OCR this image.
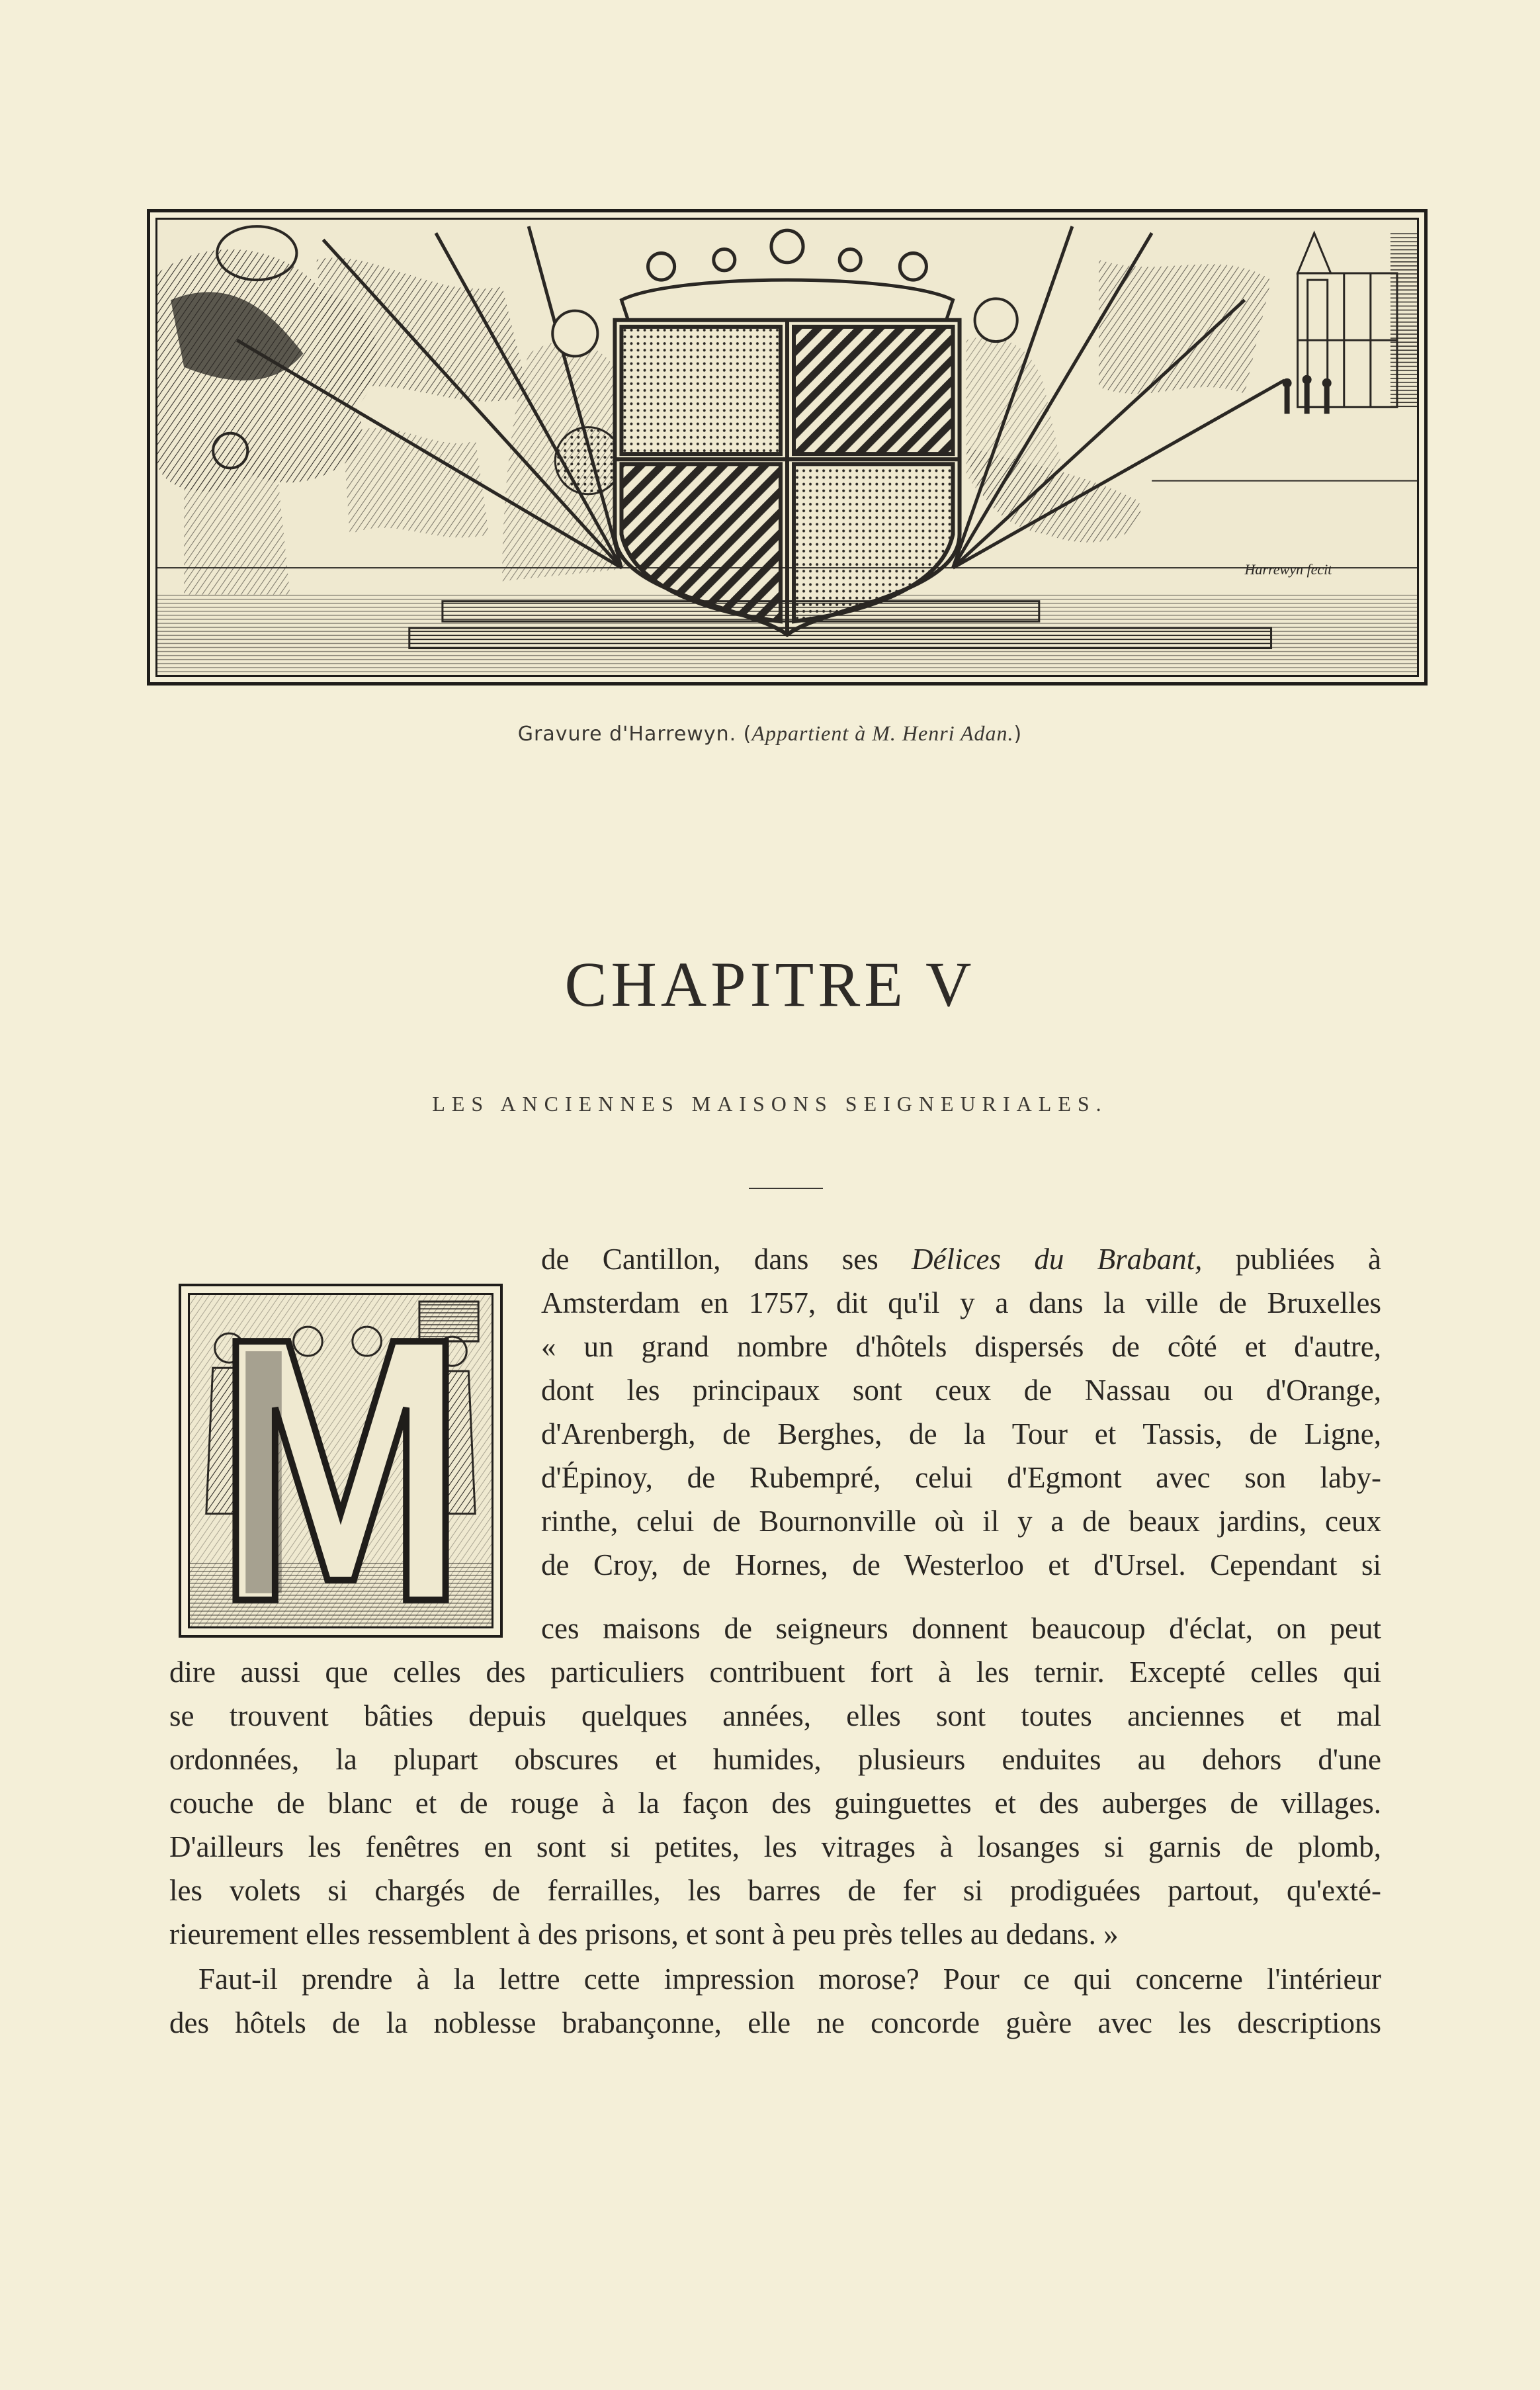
Harrewyn fecit
Gravure d'Harrewyn. (Appartient à M. Henri Adan.)
CHAPITRE V
LES ANCIENNES MAISONS SEIGNEURIALES.
M
de Cantillon, dans ses Délices du Brabant, publiées à
Amsterdam en 1757, dit qu'il y a dans la ville de Bruxelles
« un grand nombre d'hôtels dispersés de côté et d'autre,
dont les principaux sont ceux de Nassau ou d'Orange,
d'Arenbergh, de Berghes, de la Tour et Tassis, de Ligne,
d'Épinoy, de Rubempré, celui d'Egmont avec son laby-
rinthe, celui de Bournonville où il y a de beaux jardins, ceux
de Croy, de Hornes, de Westerloo et d'Ursel. Cependant si
ces maisons de seigneurs donnent beaucoup d'éclat, on peut
dire aussi que celles des particuliers contribuent fort à les ternir. Excepté celles qui
se trouvent bâties depuis quelques années, elles sont toutes anciennes et mal
ordonnées, la plupart obscures et humides, plusieurs enduites au dehors d'une
couche de blanc et de rouge à la façon des guinguettes et des auberges de villages.
D'ailleurs les fenêtres en sont si petites, les vitrages à losanges si garnis de plomb,
les volets si chargés de ferrailles, les barres de fer si prodiguées partout, qu'exté-
rieurement elles ressemblent à des prisons, et sont à peu près telles au dedans. »
Faut-il prendre à la lettre cette impression morose? Pour ce qui concerne l'intérieur
des hôtels de la noblesse brabançonne, elle ne concorde guère avec les descriptions
